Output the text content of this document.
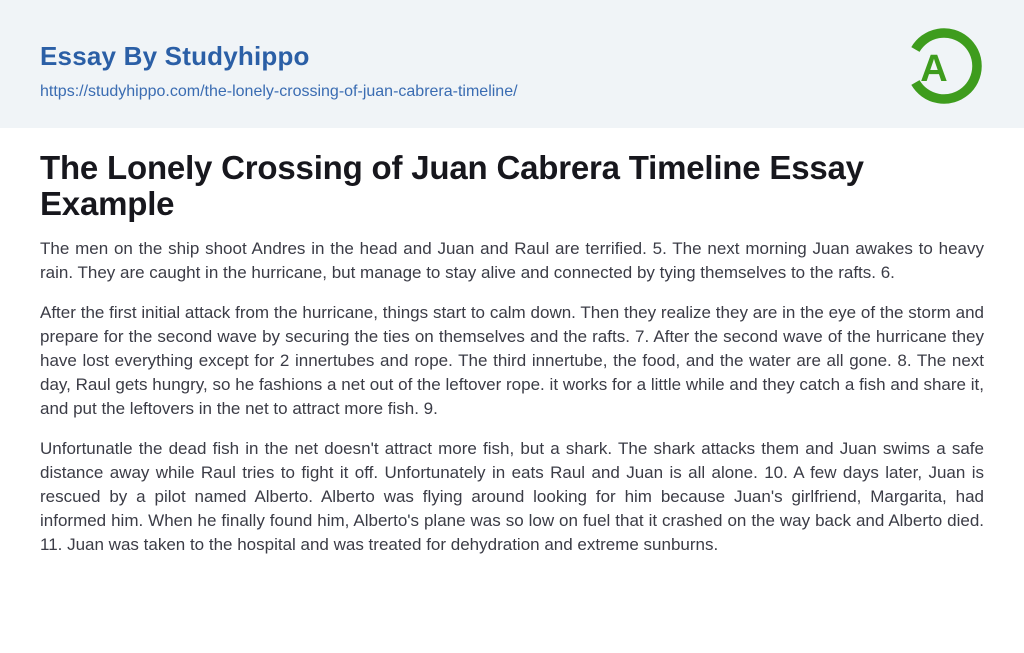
Essay By Studyhippo
https://studyhippo.com/the-lonely-crossing-of-juan-cabrera-timeline/
A
The Lonely Crossing of Juan Cabrera Timeline Essay Example

The men on the ship shoot Andres in the head and Juan and Raul are terrified. 5. The next morning Juan awakes to heavy rain. They are caught in the hurricane, but manage to stay alive and connected by tying themselves to the rafts. 6.

After the first initial attack from the hurricane, things start to calm down. Then they realize they are in the eye of the storm and prepare for the second wave by securing the ties on themselves and the rafts. 7. After the second wave of the hurricane they have lost everything except for 2 innertubes and rope. The third innertube, the food, and the water are all gone. 8. The next day, Raul gets hungry, so he fashions a net out of the leftover rope. it works for a little while and they catch a fish and share it, and put the leftovers in the net to attract more fish. 9.

Unfortunatle the dead fish in the net doesn't attract more fish, but a shark. The shark attacks them and Juan swims a safe distance away while Raul tries to fight it off. Unfortunately in eats Raul and Juan is all alone. 10. A few days later, Juan is rescued by a pilot named Alberto. Alberto was flying around looking for him because Juan's girlfriend, Margarita, had informed him. When he finally found him, Alberto's plane was so low on fuel that it crashed on the way back and Alberto died. 11. Juan was taken to the hospital and was treated for dehydration and extreme sunburns.
